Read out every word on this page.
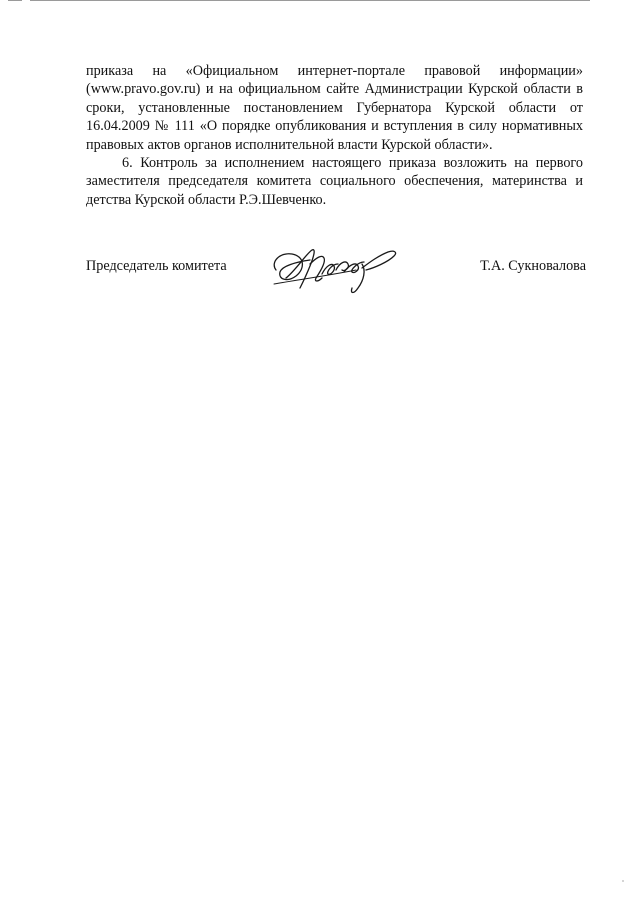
приказа на «Официальном интернет-портале правовой информации» (www.pravo.gov.ru) и на официальном сайте Администрации Курской области в сроки, установленные постановлением Губернатора Курской области от 16.04.2009 № 111 «О порядке опубликования и вступления в силу нормативных правовых актов органов исполнительной власти Курской области».

6. Контроль за исполнением настоящего приказа возложить на первого заместителя председателя комитета социального обеспечения, материнства и детства Курской области Р.Э.Шевченко.

Председатель комитета	Т.А. Сукновалова
